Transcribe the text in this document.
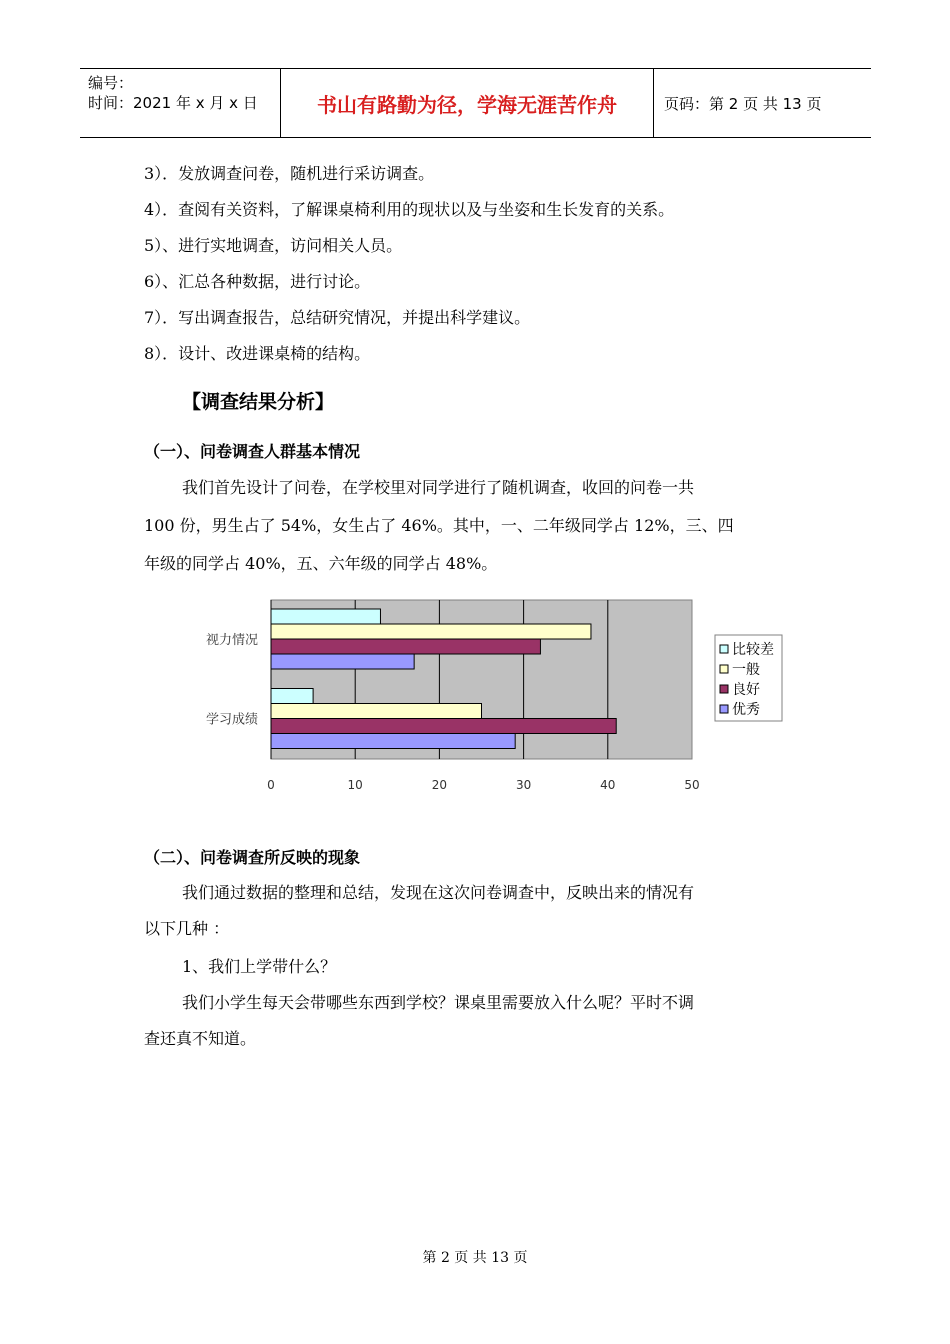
编号：
时间：2021 年 x 月 x 日	书山有路勤为径，学海无涯苦作舟	页码：第 2 页 共 13 页
3）．发放调查问卷，随机进行采访调查。
4）．查阅有关资料，了解课桌椅利用的现状以及与坐姿和生长发育的关系。
5）、进行实地调查，访问相关人员。
6）、汇总各种数据，进行讨论。
7）．写出调查报告，总结研究情况，并提出科学建议。
8）．设计、改进课桌椅的结构。
【调查结果分析】
（一）、问卷调查人群基本情况
我们首先设计了问卷，在学校里对同学进行了随机调查，收回的问卷一共
100 份，男生占了 54%，女生占了 46%。其中，一、二年级同学占 12%，三、四
年级的同学占 40%，五、六年级的同学占 48%。
0	10	20	30	40	50
视力情况
学习成绩
比较差
一般
良好
优秀
（二）、问卷调查所反映的现象
我们通过数据的整理和总结，发现在这次问卷调查中，反映出来的情况有
以下几种 ：
1、我们上学带什么？
我们小学生每天会带哪些东西到学校？课桌里需要放入什么呢？平时不调
查还真不知道。
第 2 页 共 13 页
